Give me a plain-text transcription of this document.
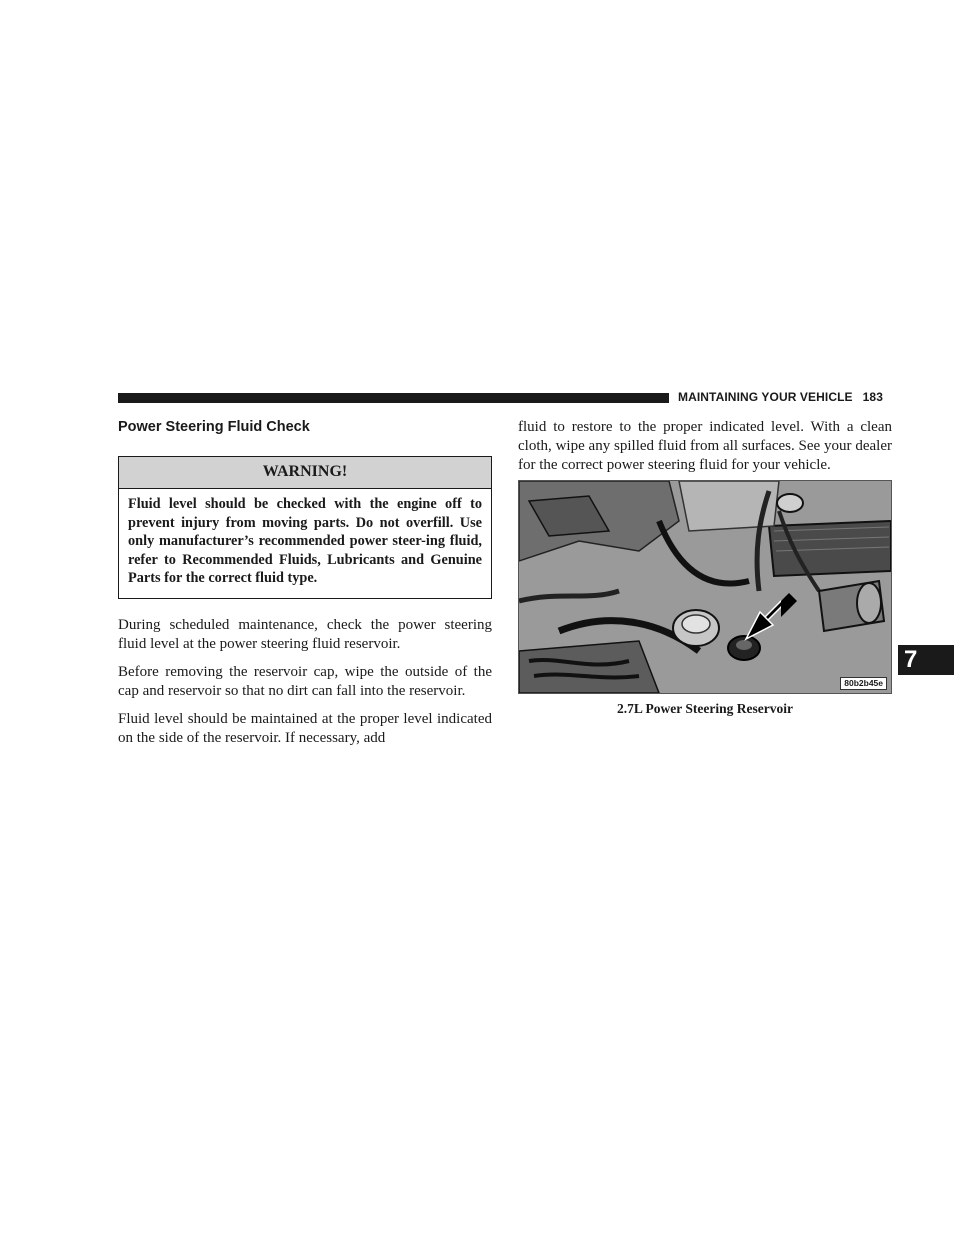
MAINTAINING YOUR VEHICLE 183
7
Power Steering Fluid Check
WARNING!
Fluid level should be checked with the engine off to prevent injury from moving parts. Do not overfill. Use only manufacturer’s recommended power steer-ing fluid, refer to Recommended Fluids, Lubricants and Genuine Parts for the correct fluid type.

During scheduled maintenance, check the power steering fluid level at the power steering fluid reservoir.

Before removing the reservoir cap, wipe the outside of the cap and reservoir so that no dirt can fall into the reservoir.

Fluid level should be maintained at the proper level indicated on the side of the reservoir. If necessary, add

fluid to restore to the proper indicated level. With a clean cloth, wipe any spilled fluid from all surfaces. See your dealer for the correct power steering fluid for your vehicle.

80b2b45e
2.7L Power Steering Reservoir
